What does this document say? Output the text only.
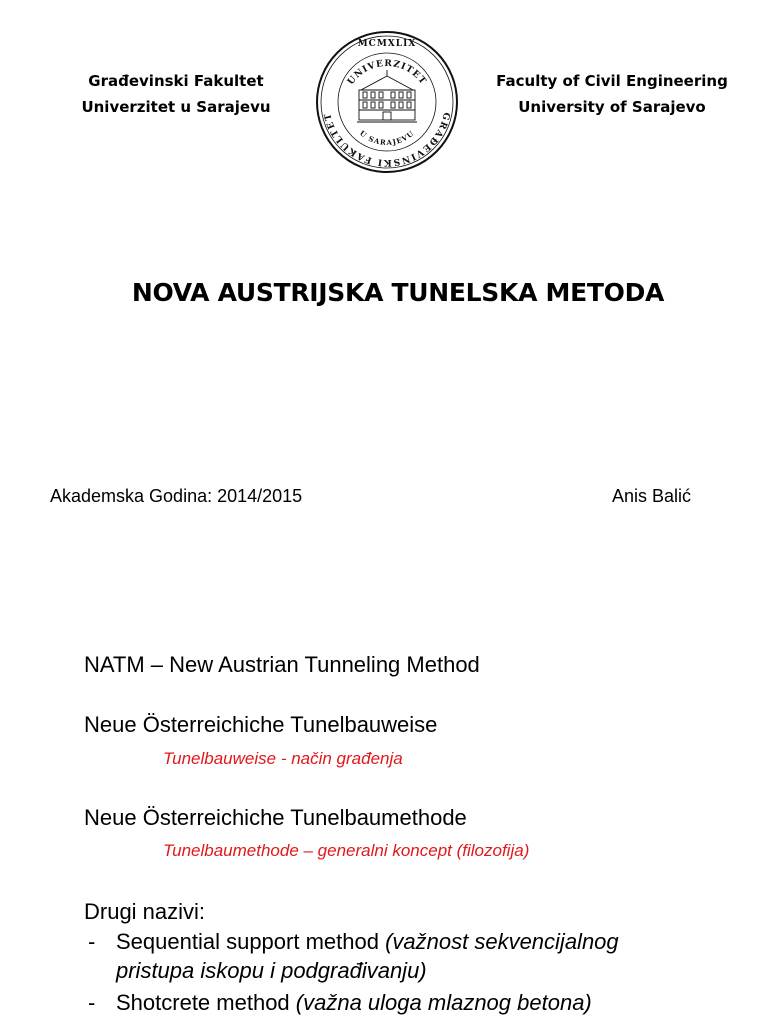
Građevinski Fakultet
Univerzitet u Sarajevu
MCMXLIX
UNIVERZITET
U SARAJEVU
GRAĐEVINSKI FAKULTET
Faculty of Civil Engineering
University of Sarajevo
NOVA AUSTRIJSKA TUNELSKA METODA
Akademska Godina: 2014/2015	Anis Balić
NATM – New Austrian Tunneling Method
Neue Österreichiche Tunelbauweise
Tunelbauweise - način građenja
Neue Österreichiche Tunelbaumethode
Tunelbaumethode – generalni koncept (filozofija)
Drugi nazivi:
- Sequential support method (važnost sekvencijalnog
pristupa iskopu i podgrađivanju)
- Shotcrete method (važna uloga mlaznog betona)
